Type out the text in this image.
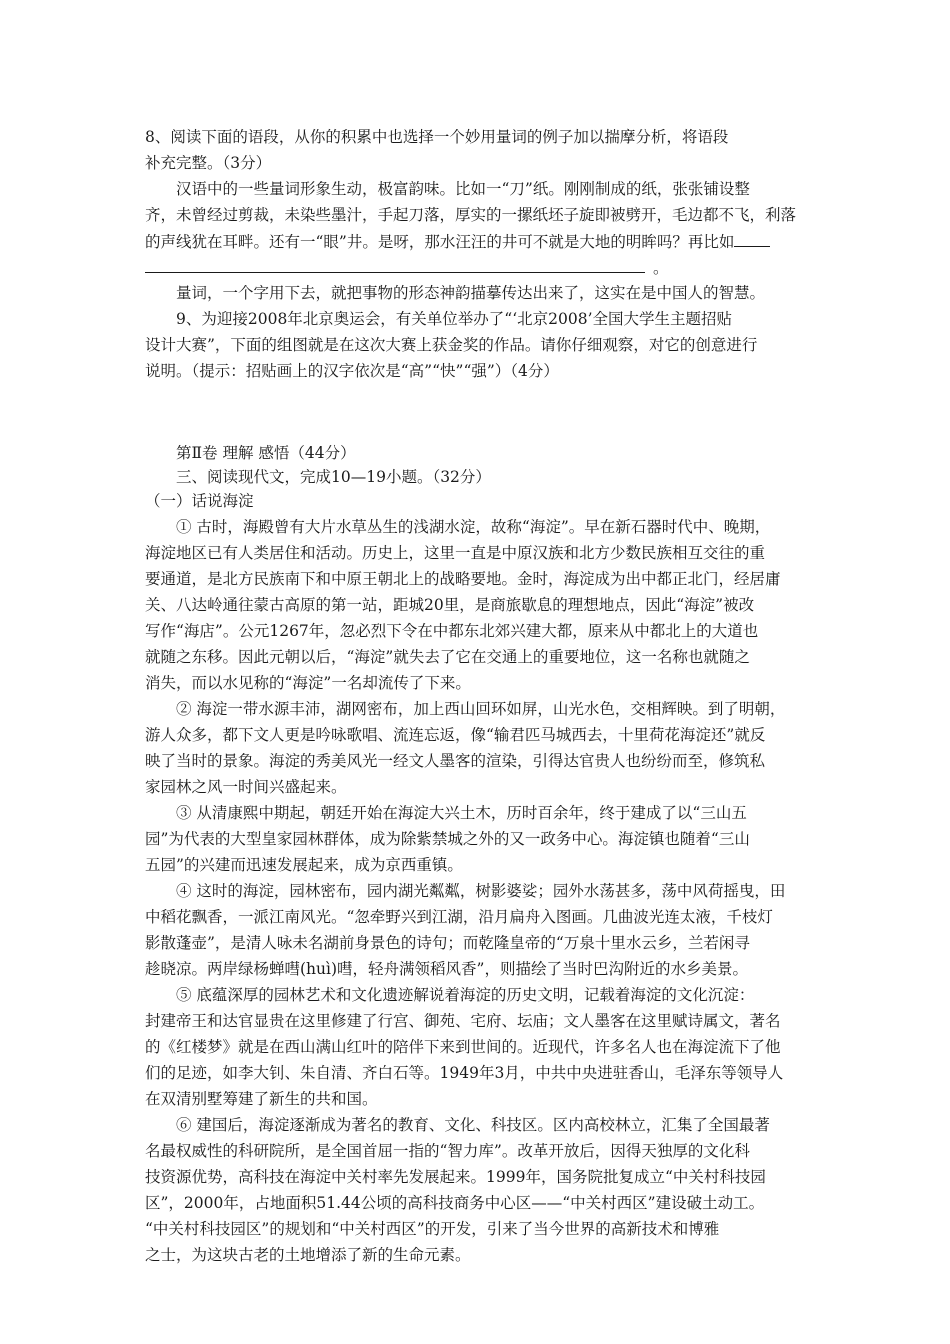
8、阅读下面的语段，从你的积累中也选择一个妙用量词的例子加以揣摩分析，将语段
补充完整。（3分）
汉语中的一些量词形象生动，极富韵味。比如一“刀”纸。刚刚制成的纸，张张铺设整
齐，未曾经过剪裁，未染些墨汁，手起刀落，厚实的一摞纸坯子旋即被劈开，毛边都不飞，利落
的声线犹在耳畔。还有一“眼”井。是呀，那水汪汪的井可不就是大地的明眸吗？再比如
。
量词，一个字用下去，就把事物的形态神韵描摹传达出来了，这实在是中国人的智慧。
9、为迎接2008年北京奥运会，有关单位举办了“‘北京2008’全国大学生主题招贴
设计大赛”，下面的组图就是在这次大赛上获金奖的作品。请你仔细观察，对它的创意进行
说明。（提示：招贴画上的汉字依次是“高”“快”“强”）（4分）
第Ⅱ卷 理解 感悟（44分）
三、阅读现代文，完成10—19小题。（32分）
（一）话说海淀
① 古时，海殿曾有大片水草丛生的浅湖水淀，故称“海淀”。早在新石器时代中、晚期，
海淀地区已有人类居住和活动。历史上，这里一直是中原汉族和北方少数民族相互交往的重
要通道，是北方民族南下和中原王朝北上的战略要地。金时，海淀成为出中都正北门，经居庸
关、八达岭通往蒙古高原的第一站，距城20里，是商旅歇息的理想地点，因此“海淀”被改
写作“海店”。公元1267年，忽必烈下令在中都东北郊兴建大都，原来从中都北上的大道也
就随之东移。因此元朝以后，“海淀”就失去了它在交通上的重要地位，这一名称也就随之
消失，而以水见称的“海淀”一名却流传了下来。
② 海淀一带水源丰沛，湖网密布，加上西山回环如屏，山光水色，交相辉映。到了明朝，
游人众多，都下文人更是吟咏歌唱、流连忘返，像“输君匹马城西去，十里荷花海淀还”就反
映了当时的景象。海淀的秀美风光一经文人墨客的渲染，引得达官贵人也纷纷而至，修筑私
家园林之风一时间兴盛起来。
③ 从清康熙中期起，朝廷开始在海淀大兴土木，历时百余年，终于建成了以“三山五
园”为代表的大型皇家园林群体，成为除紫禁城之外的又一政务中心。海淀镇也随着“三山
五园”的兴建而迅速发展起来，成为京西重镇。
④ 这时的海淀，园林密布，园内湖光粼粼，树影婆娑；园外水荡甚多，荡中风荷摇曳，田
中稻花飘香，一派江南风光。“忽牵野兴到江湖，沿月扁舟入图画。几曲波光连太液，千枝灯
影散蓬壶”，是清人咏未名湖前身景色的诗句；而乾隆皇帝的“万泉十里水云乡，兰若闲寻
趁晓凉。两岸绿杨蝉嘒(huì)嘒，轻舟满领稻风香”，则描绘了当时巴沟附近的水乡美景。
⑤ 底蕴深厚的园林艺术和文化遗迹解说着海淀的历史文明，记载着海淀的文化沉淀：
封建帝王和达官显贵在这里修建了行宫、御苑、宅府、坛庙；文人墨客在这里赋诗属文，著名
的《红楼梦》就是在西山满山红叶的陪伴下来到世间的。近现代，许多名人也在海淀流下了他
们的足迹，如李大钊、朱自清、齐白石等。1949年3月，中共中央进驻香山，毛泽东等领导人
在双清别墅筹建了新生的共和国。
⑥ 建国后，海淀逐渐成为著名的教育、文化、科技区。区内高校林立，汇集了全国最著
名最权威性的科研院所，是全国首屈一指的“智力库”。改革开放后，因得天独厚的文化科
技资源优势，高科技在海淀中关村率先发展起来。1999年，国务院批复成立“中关村科技园
区”，2000年，占地面积51.44公顷的高科技商务中心区——“中关村西区”建设破土动工。
“中关村科技园区”的规划和“中关村西区”的开发，引来了当今世界的高新技术和博雅
之士，为这块古老的土地增添了新的生命元素。
